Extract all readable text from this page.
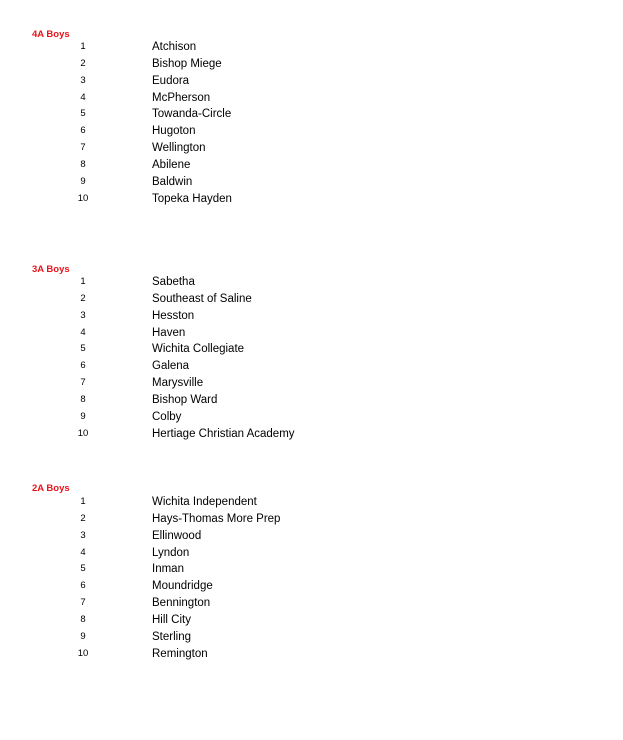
4A Boys
1	Atchison
2	Bishop Miege
3	Eudora
4	McPherson
5	Towanda-Circle
6	Hugoton
7	Wellington
8	Abilene
9	Baldwin
10	Topeka Hayden
3A Boys
1	Sabetha
2	Southeast of Saline
3	Hesston
4	Haven
5	Wichita Collegiate
6	Galena
7	Marysville
8	Bishop Ward
9	Colby
10	Hertiage Christian Academy
2A Boys
1	Wichita Independent
2	Hays-Thomas More Prep
3	Ellinwood
4	Lyndon
5	Inman
6	Moundridge
7	Bennington
8	Hill City
9	Sterling
10	Remington
